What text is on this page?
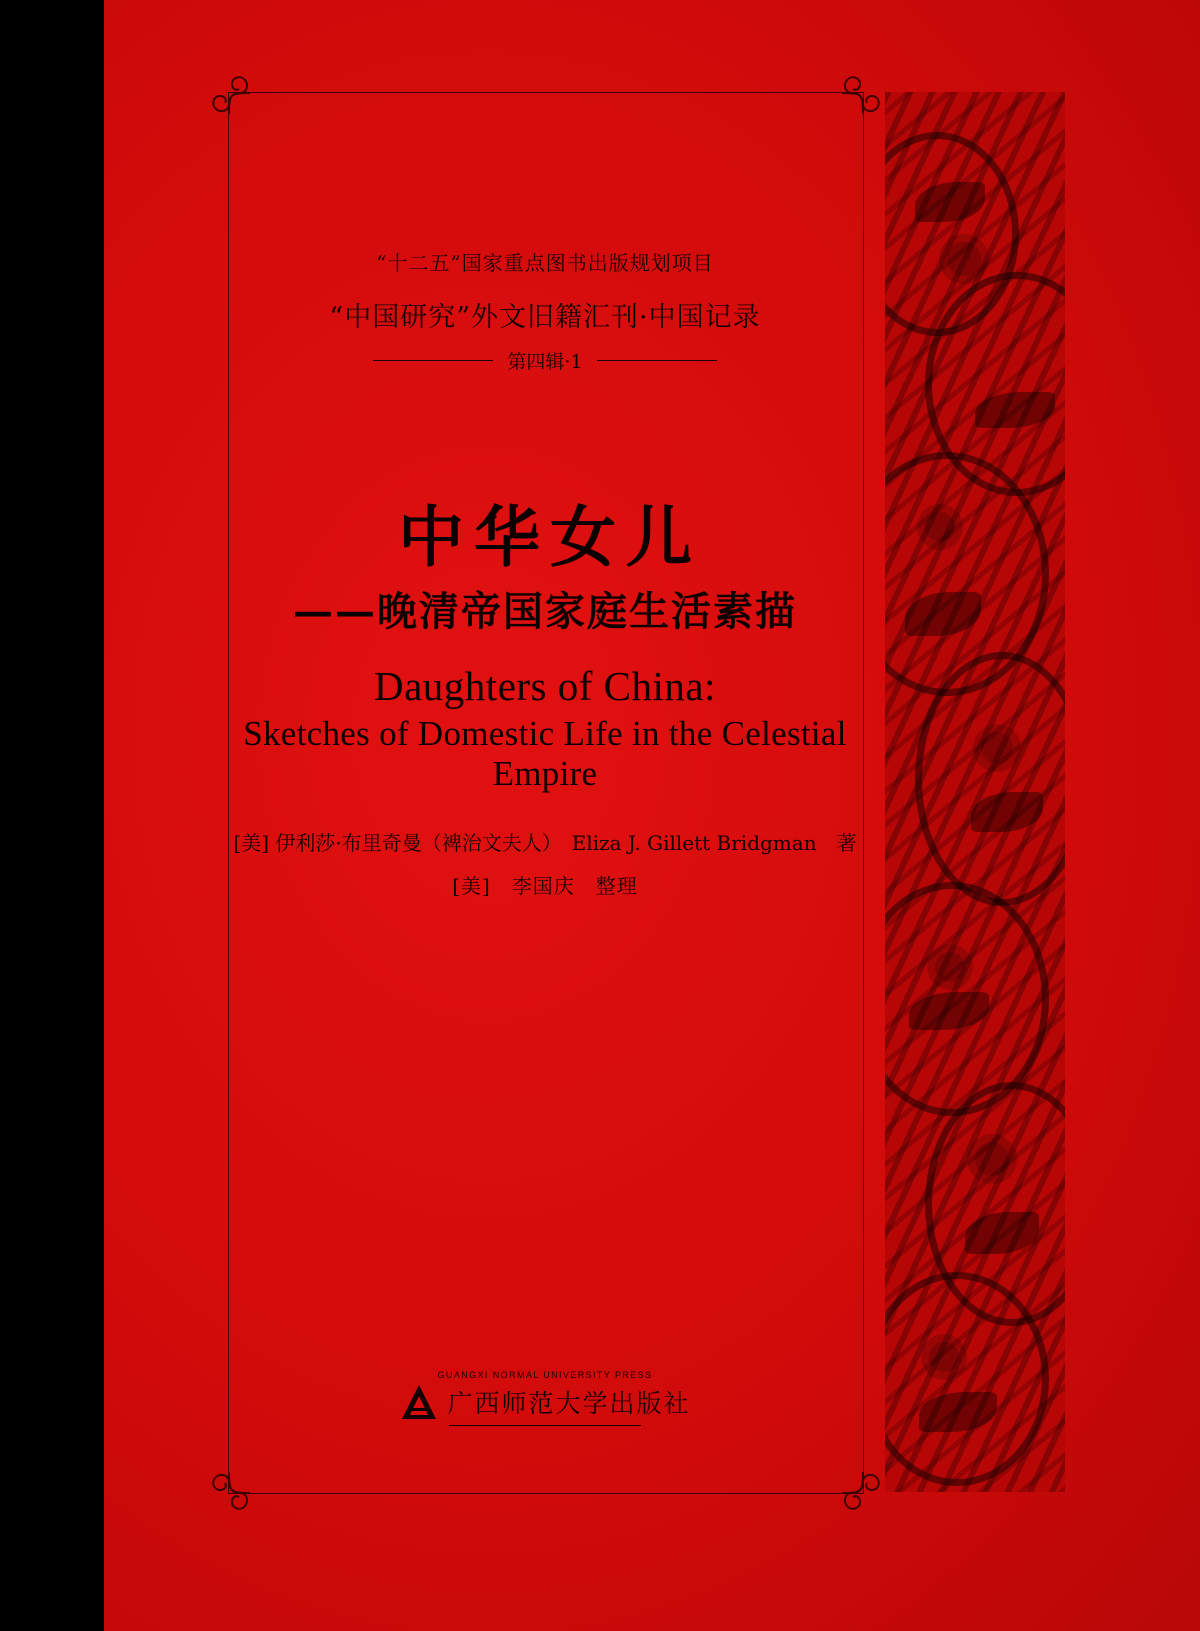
“十二五”国家重点图书出版规划项目
“中国研究”外文旧籍汇刊·中国记录
第四辑·1
中华女儿
——晚清帝国家庭生活素描
Daughters of China:
Sketches of Domestic Life in the Celestial Empire
[美] 伊利莎·布里奇曼（裨治文夫人）　Eliza J. Gillett Bridgman　著
[美]　李国庆　整理
GUANGXI NORMAL UNIVERSITY PRESS
广西师范大学出版社
